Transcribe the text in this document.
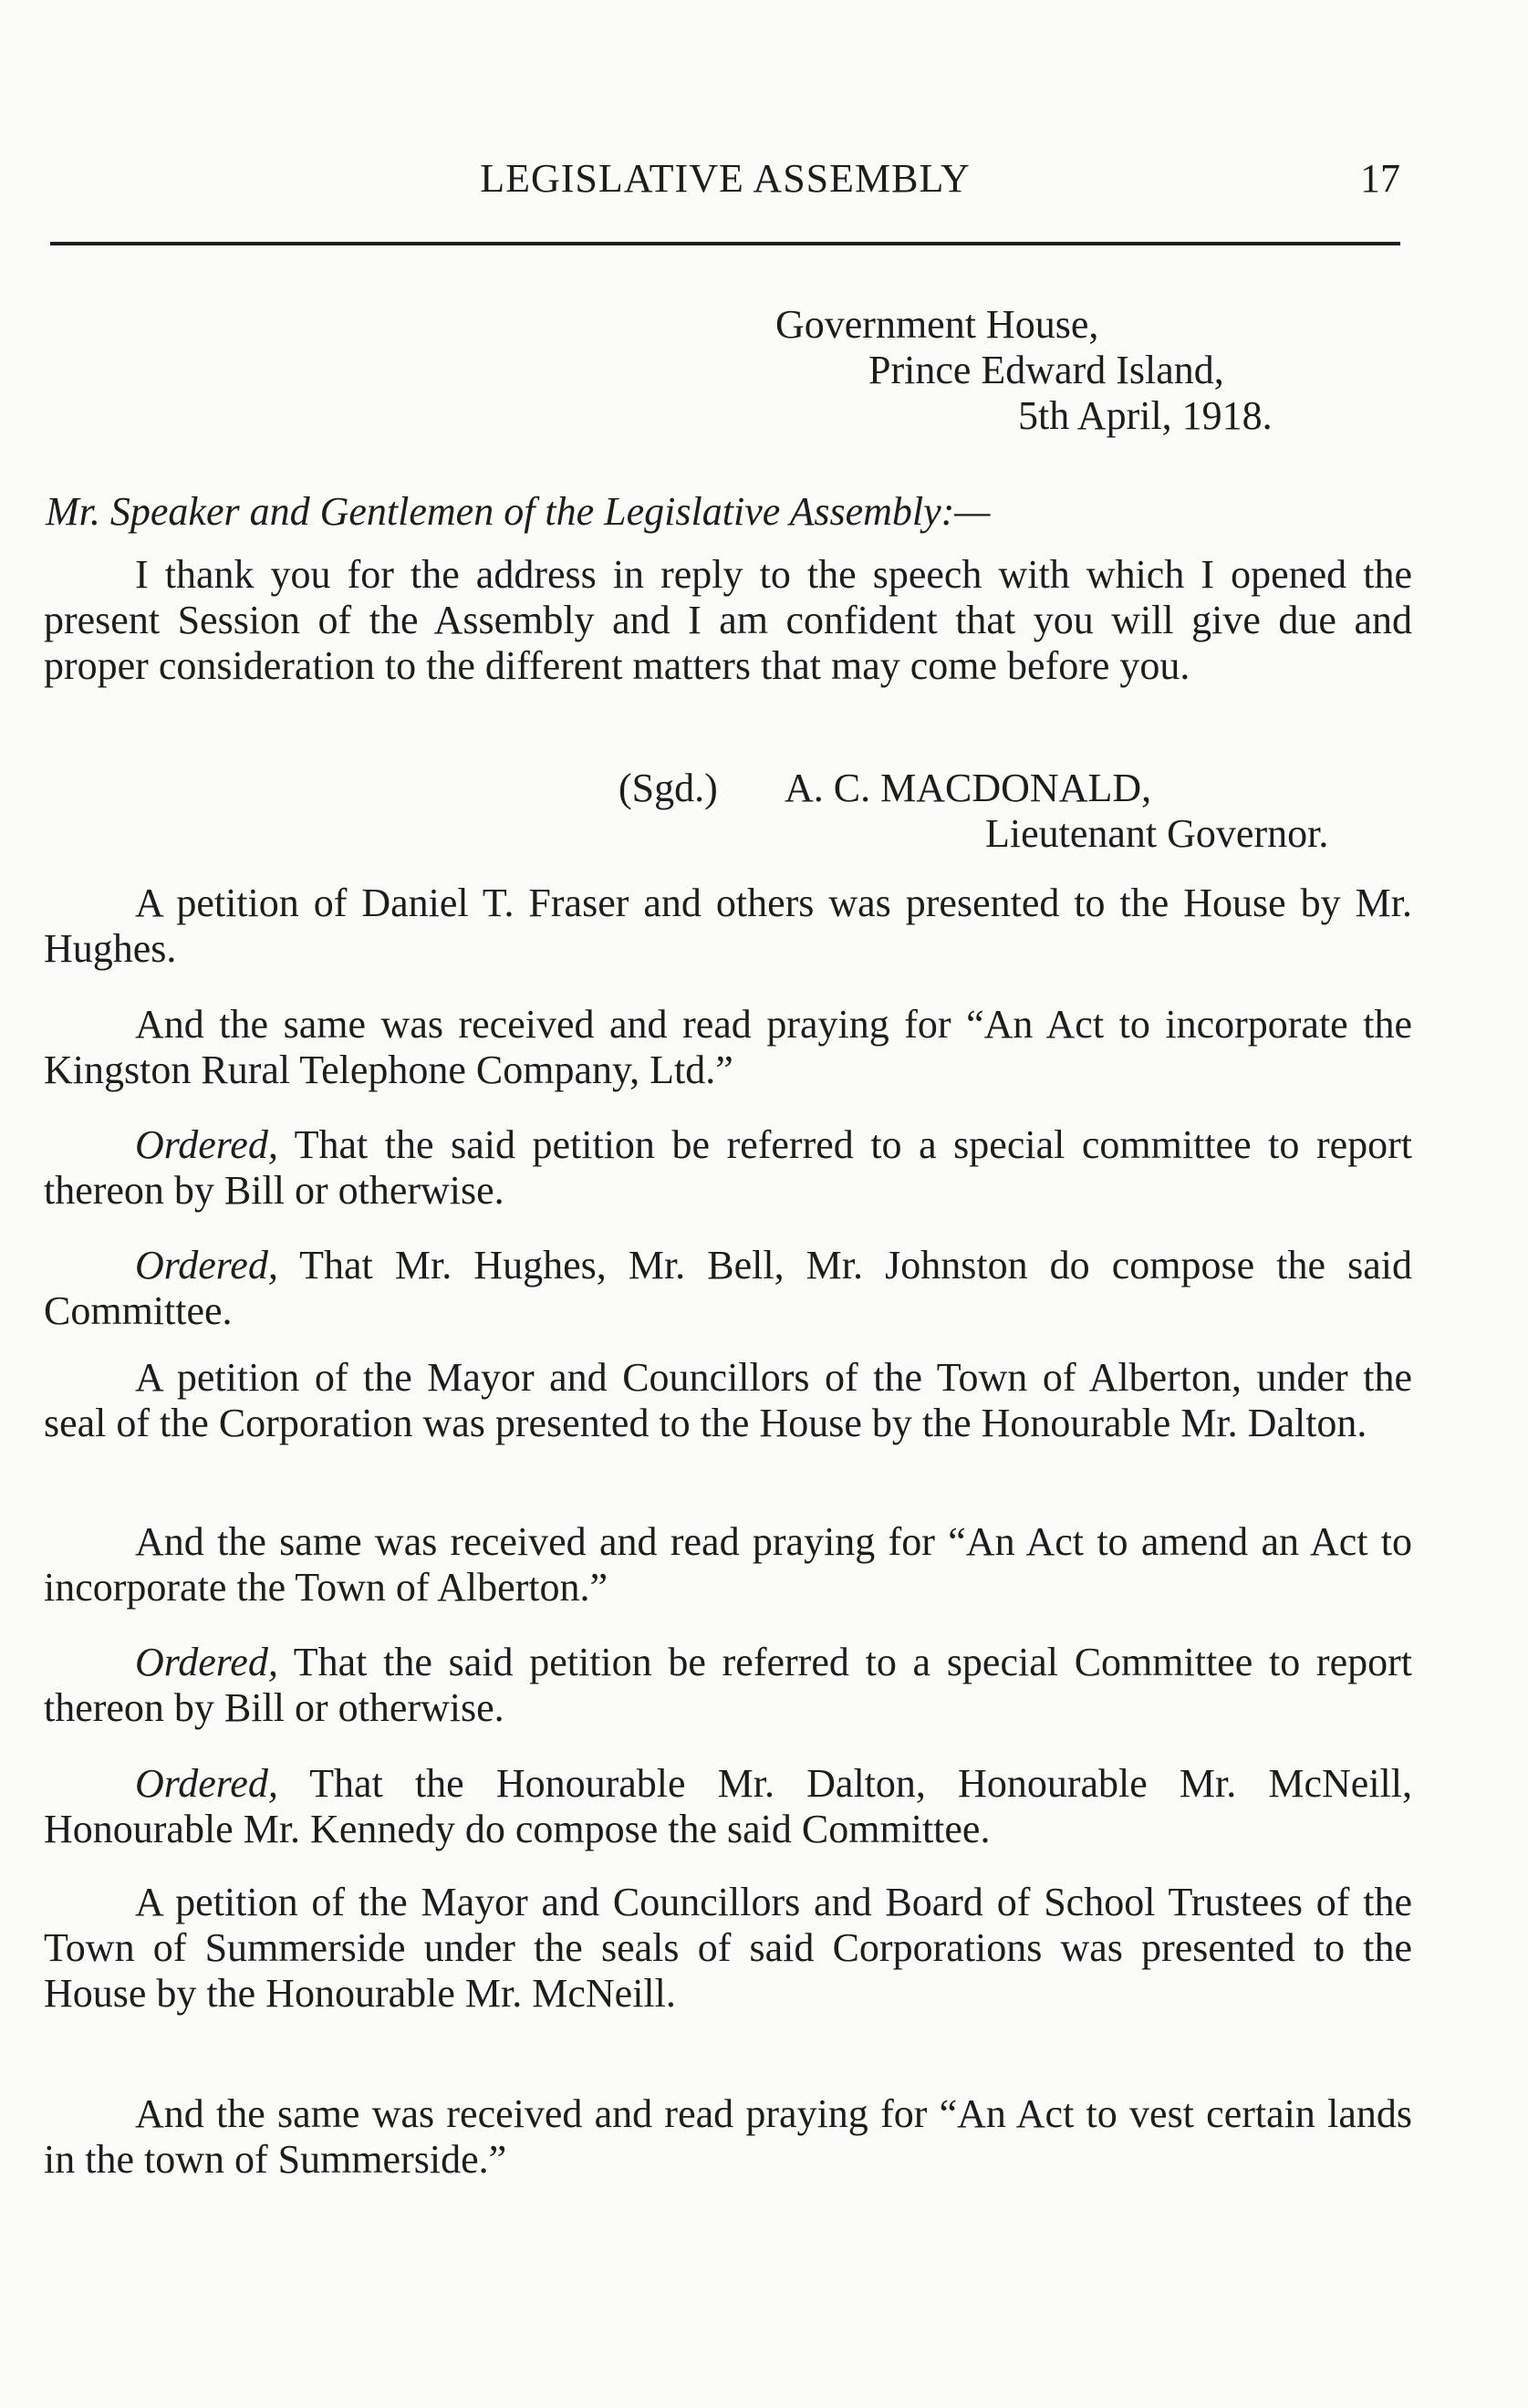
LEGISLATIVE ASSEMBLY	17
Government House,
Prince Edward Island,
5th April, 1918.
Mr. Speaker and Gentlemen of the Legislative Assembly:—

I thank you for the address in reply to the speech with which I opened the present Session of the Assembly and I am confident that you will give due and proper consideration to the different matters that may come before you.

(Sgd.) A. C. MACDONALD,
Lieutenant Governor.

A petition of Daniel T. Fraser and others was presented to the House by Mr. Hughes.

And the same was received and read praying for “An Act to incorporate the Kingston Rural Telephone Company, Ltd.”

Ordered, That the said petition be referred to a special committee to report thereon by Bill or otherwise.

Ordered, That Mr. Hughes, Mr. Bell, Mr. Johnston do compose the said Committee.

A petition of the Mayor and Councillors of the Town of Alberton, under the seal of the Corporation was presented to the House by the Honourable Mr. Dalton.

And the same was received and read praying for “An Act to amend an Act to incorporate the Town of Alberton.”

Ordered, That the said petition be referred to a special Committee to report thereon by Bill or otherwise.

Ordered, That the Honourable Mr. Dalton, Honourable Mr. McNeill, Honourable Mr. Kennedy do compose the said Committee.

A petition of the Mayor and Councillors and Board of School Trustees of the Town of Summerside under the seals of said Corporations was presented to the House by the Honourable Mr. McNeill.

And the same was received and read praying for “An Act to vest certain lands in the town of Summerside.”
